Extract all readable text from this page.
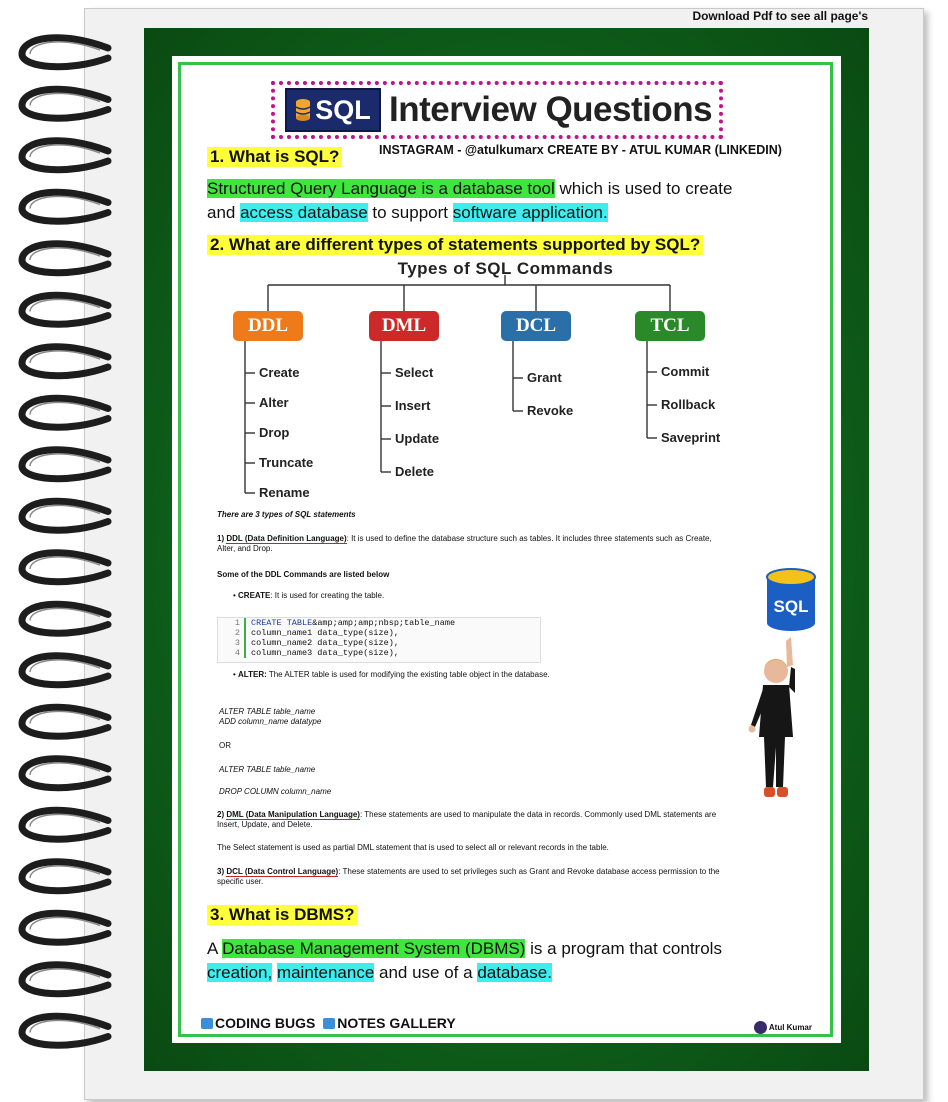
Download Pdf to see all page's
SQL Interview Questions
INSTAGRAM - @atulkumarx CREATE BY - ATUL KUMAR (LINKEDIN)
1. What is SQL?
Structured Query Language is a database tool which is used to create
and access database to support software application.
2. What are different types of statements supported by SQL?
Types of SQL Commands
DDL
Create
Alter
Drop
Truncate
Rename
DML
Select
Insert
Update
Delete
DCL
Grant
Revoke
TCL
Commit
Rollback
Saveprint
There are 3 types of SQL statements
1) DDL (Data Definition Language): It is used to define the database structure such as tables. It includes three statements such as Create,
Alter, and Drop.
Some of the DDL Commands are listed below
• CREATE: It is used for creating the table.
1	CREATE TABLE&amp;amp;amp;nbsp;table_name
2	column_name1 data_type(size),
3	column_name2 data_type(size),
4	column_name3 data_type(size),
• ALTER: The ALTER table is used for modifying the existing table object in the database.
ALTER TABLE table_name
ADD column_name datatype
OR
ALTER TABLE table_name
DROP COLUMN column_name
2) DML (Data Manipulation Language): These statements are used to manipulate the data in records. Commonly used DML statements are
Insert, Update, and Delete.
The Select statement is used as partial DML statement that is used to select all or relevant records in the table.
3) DCL (Data Control Language): These statements are used to set privileges such as Grant and Revoke database access permission to the
specific user.
SQL
3. What is DBMS?
A Database Management System (DBMS) is a program that controls
creation, maintenance and use of a database.
CODING BUGS NOTES GALLERY	Atul Kumar
